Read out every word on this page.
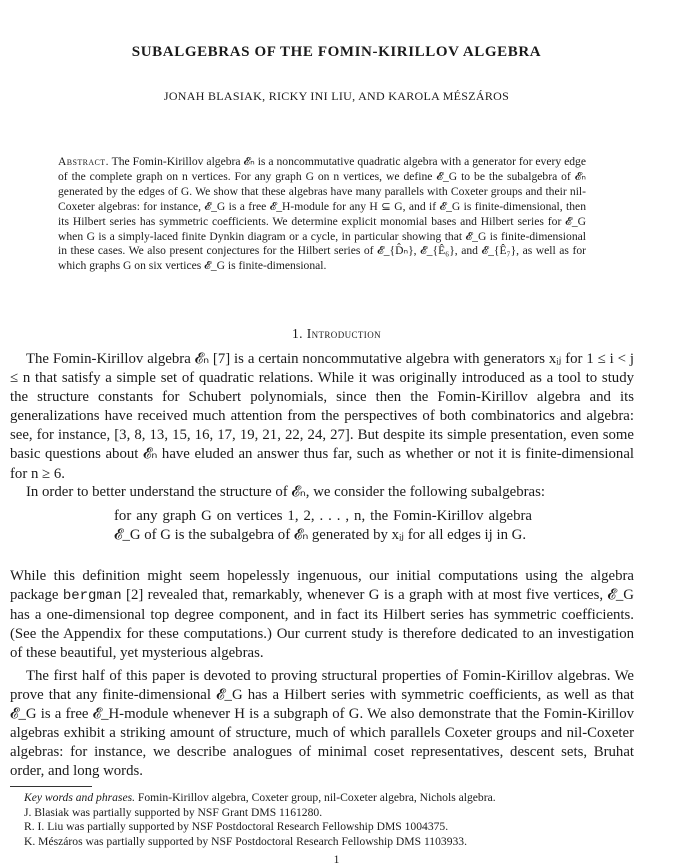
SUBALGEBRAS OF THE FOMIN-KIRILLOV ALGEBRA
JONAH BLASIAK, RICKY INI LIU, AND KAROLA MÉSZÁROS
Abstract. The Fomin-Kirillov algebra 𝓔ₙ is a noncommutative quadratic algebra with a generator for every edge of the complete graph on n vertices. For any graph G on n vertices, we define 𝓔_G to be the subalgebra of 𝓔ₙ generated by the edges of G. We show that these algebras have many parallels with Coxeter groups and their nil-Coxeter algebras: for instance, 𝓔_G is a free 𝓔_H-module for any H ⊆ G, and if 𝓔_G is finite-dimensional, then its Hilbert series has symmetric coefficients. We determine explicit monomial bases and Hilbert series for 𝓔_G when G is a simply-laced finite Dynkin diagram or a cycle, in particular showing that 𝓔_G is finite-dimensional in these cases. We also present conjectures for the Hilbert series of 𝓔_{D̂ₙ}, 𝓔_{Ê₆}, and 𝓔_{Ê₇}, as well as for which graphs G on six vertices 𝓔_G is finite-dimensional.
1. Introduction
The Fomin-Kirillov algebra 𝓔ₙ [7] is a certain noncommutative algebra with generators xᵢⱼ for 1 ≤ i < j ≤ n that satisfy a simple set of quadratic relations. While it was originally introduced as a tool to study the structure constants for Schubert polynomials, since then the Fomin-Kirillov algebra and its generalizations have received much attention from the perspectives of both combinatorics and algebra: see, for instance, [3, 8, 13, 15, 16, 17, 19, 21, 22, 24, 27]. But despite its simple presentation, even some basic questions about 𝓔ₙ have eluded an answer thus far, such as whether or not it is finite-dimensional for n ≥ 6.
In order to better understand the structure of 𝓔ₙ, we consider the following subalgebras:
for any graph G on vertices 1, 2, . . . , n, the Fomin-Kirillov algebra 𝓔_G of G is the subalgebra of 𝓔ₙ generated by xᵢⱼ for all edges ij in G.
While this definition might seem hopelessly ingenuous, our initial computations using the algebra package bergman [2] revealed that, remarkably, whenever G is a graph with at most five vertices, 𝓔_G has a one-dimensional top degree component, and in fact its Hilbert series has symmetric coefficients. (See the Appendix for these computations.) Our current study is therefore dedicated to an investigation of these beautiful, yet mysterious algebras.
The first half of this paper is devoted to proving structural properties of Fomin-Kirillov algebras. We prove that any finite-dimensional 𝓔_G has a Hilbert series with symmetric coefficients, as well as that 𝓔_G is a free 𝓔_H-module whenever H is a subgraph of G. We also demonstrate that the Fomin-Kirillov algebras exhibit a striking amount of structure, much of which parallels Coxeter groups and nil-Coxeter algebras: for instance, we describe analogues of minimal coset representatives, descent sets, Bruhat order, and long words.
Key words and phrases. Fomin-Kirillov algebra, Coxeter group, nil-Coxeter algebra, Nichols algebra.
J. Blasiak was partially supported by NSF Grant DMS 1161280.
R. I. Liu was partially supported by NSF Postdoctoral Research Fellowship DMS 1004375.
K. Mészáros was partially supported by NSF Postdoctoral Research Fellowship DMS 1103933.
1
